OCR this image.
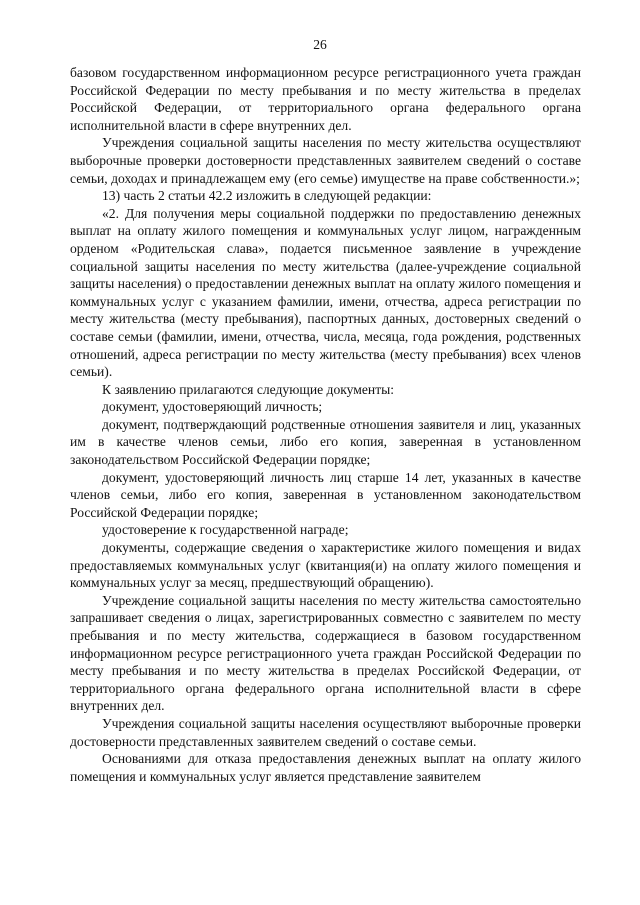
26

базовом государственном информационном ресурсе регистрационного учета граждан Российской Федерации по месту пребывания и по месту жительства в пределах Российской Федерации, от территориального органа федерального органа исполнительной власти в сфере внутренних дел.

Учреждения социальной защиты населения по месту жительства осуществляют выборочные проверки достоверности представленных заявителем сведений о составе семьи, доходах и принадлежащем ему (его семье) имуществе на праве собственности.»;

13) часть 2 статьи 42.2 изложить в следующей редакции:

«2. Для получения меры социальной поддержки по предоставлению денежных выплат на оплату жилого помещения и коммунальных услуг лицом, награжденным орденом «Родительская слава», подается письменное заявление в учреждение социальной защиты населения по месту жительства (далее-учреждение социальной защиты населения) о предоставлении денежных выплат на оплату жилого помещения и коммунальных услуг с указанием фамилии, имени, отчества, адреса регистрации по месту жительства (месту пребывания), паспортных данных, достоверных сведений о составе семьи (фамилии, имени, отчества, числа, месяца, года рождения, родственных отношений, адреса регистрации по месту жительства (месту пребывания) всех членов семьи).

К заявлению прилагаются следующие документы:

документ, удостоверяющий личность;

документ, подтверждающий родственные отношения заявителя и лиц, указанных им в качестве членов семьи, либо его копия, заверенная в установленном законодательством Российской Федерации порядке;

документ, удостоверяющий личность лиц старше 14 лет, указанных в качестве членов семьи, либо его копия, заверенная в установленном законодательством Российской Федерации порядке;

удостоверение к государственной награде;

документы, содержащие сведения о характеристике жилого помещения и видах предоставляемых коммунальных услуг (квитанция(и) на оплату жилого помещения и коммунальных услуг за месяц, предшествующий обращению).

Учреждение социальной защиты населения по месту жительства самостоятельно запрашивает сведения о лицах, зарегистрированных совместно с заявителем по месту пребывания и по месту жительства, содержащиеся в базовом государственном информационном ресурсе регистрационного учета граждан Российской Федерации по месту пребывания и по месту жительства в пределах Российской Федерации, от территориального органа федерального органа исполнительной власти в сфере внутренних дел.

Учреждения социальной защиты населения осуществляют выборочные проверки достоверности представленных заявителем сведений о составе семьи.

Основаниями для отказа предоставления денежных выплат на оплату жилого помещения и коммунальных услуг является представление заявителем
